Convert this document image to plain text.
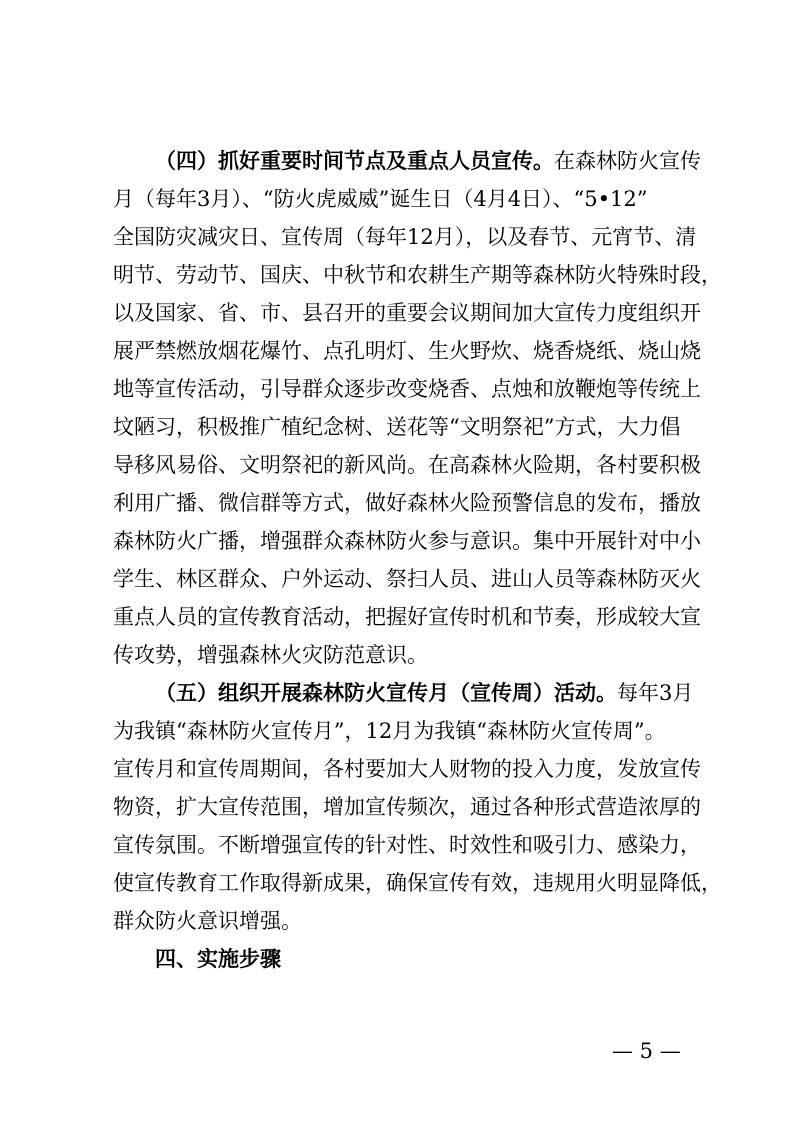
（四）抓好重要时间节点及重点人员宣传。在森林防火宣传

月（每年3月）、“防火虎威威”诞生日（4月4日）、“5•12”

全国防灾减灾日、宣传周（每年12月），以及春节、元宵节、清

明节、劳动节、国庆、中秋节和农耕生产期等森林防火特殊时段，

以及国家、省、市、县召开的重要会议期间加大宣传力度组织开

展严禁燃放烟花爆竹、点孔明灯、生火野炊、烧香烧纸、烧山烧

地等宣传活动，引导群众逐步改变烧香、点烛和放鞭炮等传统上

坟陋习，积极推广植纪念树、送花等“文明祭祀”方式，大力倡

导移风易俗、文明祭祀的新风尚。在高森林火险期，各村要积极

利用广播、微信群等方式，做好森林火险预警信息的发布，播放

森林防火广播，增强群众森林防火参与意识。集中开展针对中小

学生、林区群众、户外运动、祭扫人员、进山人员等森林防灭火

重点人员的宣传教育活动，把握好宣传时机和节奏，形成较大宣

传攻势，增强森林火灾防范意识。

（五）组织开展森林防火宣传月（宣传周）活动。每年3月

为我镇“森林防火宣传月”，12月为我镇“森林防火宣传周”。

宣传月和宣传周期间，各村要加大人财物的投入力度，发放宣传

物资，扩大宣传范围，增加宣传频次，通过各种形式营造浓厚的

宣传氛围。不断增强宣传的针对性、时效性和吸引力、感染力，

使宣传教育工作取得新成果，确保宣传有效，违规用火明显降低，

群众防火意识增强。

四、实施步骤

— 5 —
